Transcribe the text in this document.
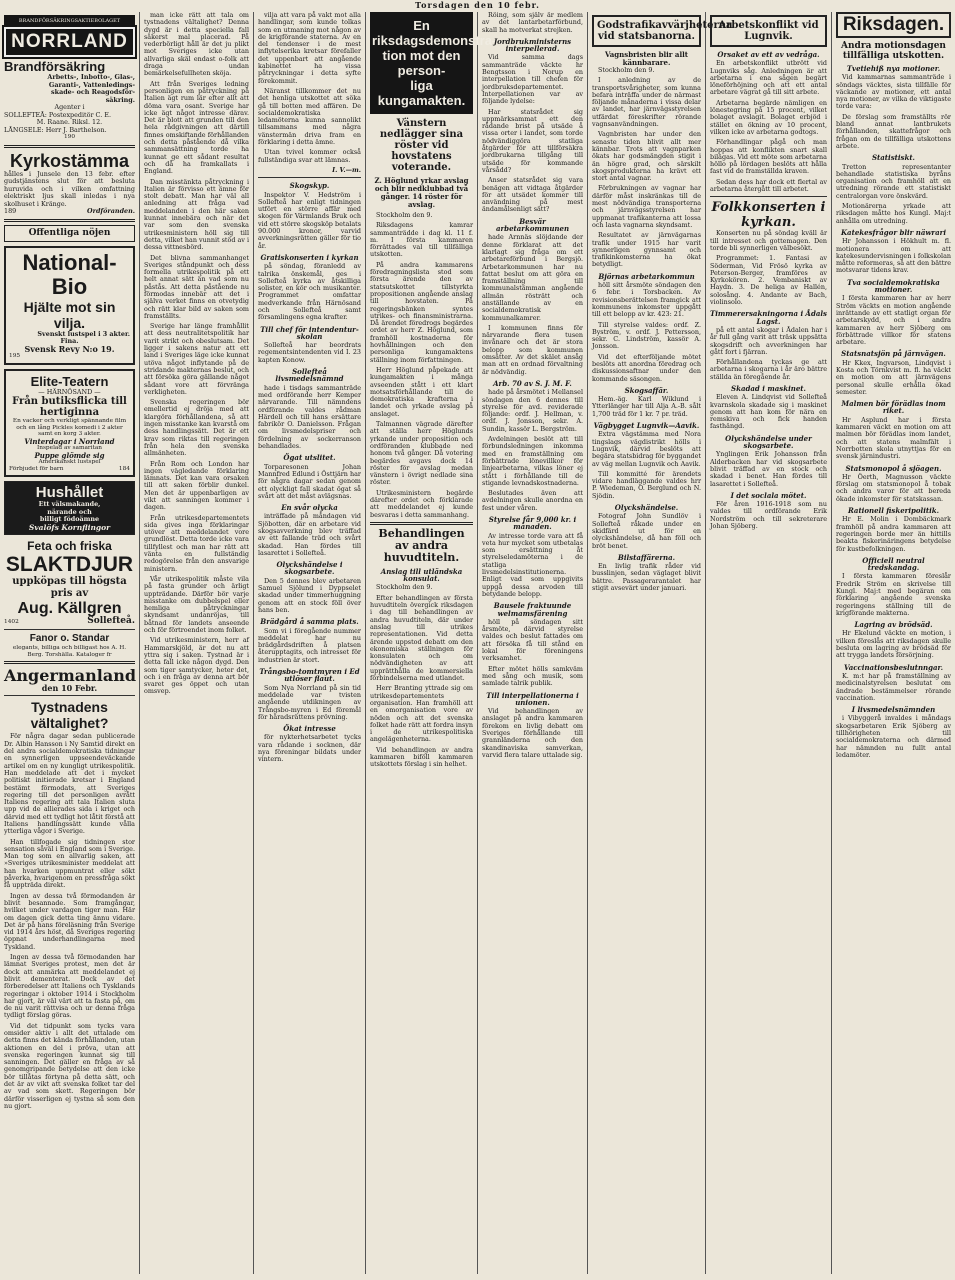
Torsdagen den 10 febr.
BRANDFÖRSÄKRINGSAKTIEBOLAGET
NORRLAND
Brandförsäkring
Arbetts-, Inbotto-, Glas-,
Garanti-, Vattenledings-
skade- och Reagodsför-
säkring.
Agenter i
SOLLEFTEÅ: Postexpeditör C. E.
M. Raane. Riksl. 12.
LÅNGSELE: Herr J. Barthelson.
190
Kyrkostämma
hålles i Junsele den 13 febr. efter gudstjänstens slut för att besluta huruvida och i vilken omfattning elektriskt ljus skall inledas i nya skolhuset i Kränge.
189	Ordföranden.
Offentliga nöjen
National-Bio
Hjälte mot sin vilja.
Svenskt lustspel i 3 akter.
Fina.
Svensk Revy N:o 19.
195
Elite-Teatern
— HÄRNÖSAND —
Från butiksflicka till hertiginna
En vacker och verkligt spännande film och en lång Pickles komedi i 2 akter samt en korg 3 akter.
Vinterdagar i Norrland
Inspelad av samaritan
Puppe glömde sig
Amerikanskt lustspel
Förbjudet för barn	184
Hushållet
Ett välsmakande,
närande och
billigt födoämne
Svalöfs Kornflingor
Feta och friska
SLAKTDJUR
uppköpas till högsta
pris av
Aug. Källgren
1402	Sollefteå.
Fanor o. Standar
elegants, billiga och billigast hos A. H. Berg. Torshälla. Kataloger fr
Angermanland
den 10 Febr.
Tystnadens vältalighet?

För några dagar sedan publicerade Dr. Albin Hansson i Ny Samtid direkt en del andra socialdemokratiska tidningar en synnerligen uppseendeväckande artikel om en ny kungligt utrikespolitik. Han meddelade att det i mycket politiskt initierade kretsar i England bestämt förmodats, att Sveriges regering till det personligen avrått Italiens regering att tala Italien sluta upp vid de allierades sida i kriget och därvid med ett tydligt hot låtit förstå att Italiens handlingssätt kunde vålla ytterliga vågor i Sverige.

Han tillfogade sig tidningen stor sensation såväl i England som i Sverige. Man tog som en allvarlig saken, att »Sveriges utrikesminister meddelat att han hvarken uppmuntrat eller sökt påverka, hvarigenom en pressfråga sökt få uppträda direkt.

Ingen av dessa två förmodanden är blivit besannade. Som framgångar, hvilket under vardagen tiger man. Här om dagen gick detta ting ännu vidare. Det är på hans föreläsning från Sverige vid 1914 års höst, då Sveriges regering öppnat underhandlingarna med Tyskland.

Ingen av dessa två förmodanden har lämnat Sveriges protest, men det är dock att anmärka att meddelandet ej blivit dementerat. Dock av det förberedelser att Italiens och Tysklands regeringar i oktober 1914 i Stockholm har gjort, är väl värt att ta fasta på, om de nu varit rättvisa och ur denna fråga tydligt förslag göras.

Vid det tidpunkt som tycks vara omsider aktiv i allt det uttalade om detta finns det kända förhållanden, utan aktionen en del i pröva, utan att svenska regeringen kunnat sig till sanningen. Det gäller en fråga av så genomgripande betydelse att den icke bör tillåtas förtyna på detta sätt, och det är av vikt att svenska folket tar del av vad som skett. Regeringen bör därför visserligen ej tystna så som den nu gjort.

man icke rätt att tala om tystnadens vältalighet? Denna dygd är i detta speciella fall säkerst mal placerad. På vederbörligt håll är det ju plikt mot Sveriges icke utan allvarliga skäl endast o-folk att draga undan bemärkelsefullheten sköja.

Att från Sveriges ledning personligen en påtryckning på Italien ägt rum lär efter allt att döma vara osant. Sverige har icke ägt något intresse därav. Det är blott att grunden till den hela rådgivningen att därtill finnes omskiftande förhållanden och detta påstående då vilka sammansättning torde ha kunnat ge ett sådant resultat och då ha framkallats i England.

Dan misstänkta påtryckning i Italien är förvisso ett ämne för stolt debatt. Man har väl all anledning att fråga vad meddelanden i den här saken kunnat innebära och när det var som den svenska utrikesministern höll sig till detta, vilket han vunnit stöd av i dessa vittnesbörd.

Det blivna sammanhanget Sveriges ståndpunkt och dess formella utrikespolitik på ett helt annat sätt än vad som nu påstås. Att detta påstående nu förmodas innebär att det i själva verket finns en otvetydig och rätt klar bild av saken som framställts.

Sverige har länge framhållit att dess neutralitetspolitik har varit strikt och obeslutsam. Det ligger i sakens natur att ett land i Sveriges läge icke kunnat utöva något inflytande på de stridande makternas beslut, och att försöka göra gällande något sådant vore att förvränga verkligheten.

Svenska regeringen bör emellertid ej dröja med att klargöra förhållandena, så att ingen misstanke kan kvarstå om dess handlingssätt. Det är ett krav som riktas till regeringen från hela den svenska allmänheten.

Från Rom och London har ingen vägledande förklaring lämnats. Det kan vara orsaken till att saken förblir dunkel. Men det är uppenbarligen av vikt att sanningen kommer i dagen.

Från utrikesdepartementets sida gives inga förklaringar utöver att meddelandet vore grundlöst. Detta torde icke vara tillfyllest och man har rätt att vänta en fullständig redogörelse från den ansvarige ministern.

Vår utrikespolitik måste vila på fasta grunder och ärligt uppträdande. Därför bör varje misstanke om dubbelspel eller hemliga påtryckningar skyndsamt undanröjas, till båtnad för landets anseende och för förtroendet inom folket.

Vid utrikesministern, herr af Hammarskjöld, är det nu att yttra sig i saken. Tystnad är i detta fall icke någon dygd. Den som tiger samtycker, heter det, och i en fråga av denna art bör svaret ges öppet och utan omsvep.

vilja att vara på vakt mot alla handlingar, som kunde tolkas som en utmaning mot någon av de krigförande staterna. Av en del tendenser i de mest inflytelserika kretsar förefaller det uppenbart att angående kabinettet ha vissa påtryckningar i detta syfte förekommit.

Näranst tillkommer det nu det henliga utskottet att söka gå till botten med affären. De socialdemokratiska ledamöterna kunna sannolikt tillsammans med några vänstermän driva fram en förklaring i detta ämne.

Utan tvivel kommer också fullständiga svar att lämnas.

I. V.—m.
Skogskyp.

Inspektor V. Hedström i Sollefteå har enligt tidningen utfört en större affär med skogen för Värmlands Bruk och vid ett större skogsköp betalats 90.000 kronor, varvid avverkningsrätten gäller för tio år.

Gratiskonserten i kyrkan

på söndag, föranledd av talrika önskemål, ges i Sollefteå kyrka av åtskilliga solister, en kör och musikanter. Programmet omfattar medverkande från Härnösand och Sollefteå samt församlingens egna krafter.

Till chef för intendentur-skolan

Sollefteå har beordrats regementsintendenten vid I. 23 kapten Konow.

Sollefteå livsmedelsnämnd

hade i tisdags sammanträde med ordförande herr Kemper närvarande. Till nämndens ordförande valdes rådman Härdell och till hans ersättare fabrikör O. Danielsson. Frågan om livsmedelspriser och fördelning av sockerranson behandlades.

Ögat utslitet.

Torparesonen Johan Mannfred Edlund i Östtjärn har för några dagar sedan genom ett olyckligt fall skadat ögat så svårt att det måst avlägsnas.

En svår olycka

inträffade på måndagen vid Sjöbotten, där en arbetare vid skogsavverkning blev träffad av ett fallande träd och svårt skadad. Han fördes till lasarettet i Sollefteå.

Olyckshändelse i skogsarbete.

Den 5 dennes blev arbetaren Samuel Sjölund i Dyppselet skadad under timmerhuggning genom att en stock föll över hans ben.

Brädgård å samma plats.

Som vi i föregående nummer meddelat har nu brädgårdsdriften å platsen återupptagits, och intresset för industrien är stort.

Trångsbo-tomtmyren i Ed utlöser flaut.

Som Nya Norrland på sin tid meddelade var tvisten angående utdikningen av Trångsbo-myren i Ed föremål för häradsrättens prövning.

Ökat intresse

för nykterhetsarbetet tycks vara rådande i socknen, där nya föreningar bildats under vintern.

En riksdagsdemonstra-
tion mot den person-
liga kungamakten.
Vänstern nedlägger sina röster vid hovstatens voterande.
Z. Höglund yrkar avslag och blir nedklubbad två gånger. 14 röster för avslag.

Stockholm den 9.

Riksdagens kamrar sammanträdde i dag kl. 11 f. m. I första kammaren förrättades val till tillfälliga utskotten.

På andra kammarens föredragningslista stod som första ärende den av statsutskottet tillstyrkta propositionen angående anslag till hovstaten. På regeringsbänken syntes utrikes- och finansministrarna. Då ärendet föredrogs begärdes ordet av herr Z. Höglund, som framhöll kostnaderna för hovhållningen och den personliga kungamaktens ställning inom författningen.

Herr Höglund påpekade att kungamakten i många avseenden stått i ett klart motsatsförhållande till de demokratiska krafterna i landet och yrkade avslag på anslaget.

Talmannen vägrade därefter att ställa herr Höglunds yrkande under proposition och ordföranden klubbade ned honom två gånger. Då votering begärdes avgavs dock 14 röster för avslag medan vänstern i övrigt nedlade sina röster.

Utrikesministern begärde därefter ordet och förklarade att meddelandet ej kunde besvaras i detta sammanhang.

Behandlingen av andra huvudtiteln.
Anslag till utländska konsulat.

Stockholm den 9.

Efter behandlingen av första huvudtiteln övergick riksdagen i dag till behandlingen av andra huvudtiteln, där under anslag till utrikes representationen. Vid detta ärende uppstod debatt om den ekonomiska ställningen för konsulaten och om nödvändigheten av att upprätthålla de kommersiella förbindelserna med utlandet.

Herr Branting yttrade sig om utrikesdepartementets organisation. Han framhöll att en omorganisation vore av nöden och att det svenska folket hade rätt att fordra insyn i de utrikespolitiska angelägenheterna.

Vid behandlingen av andra kammaren biföll kammaren utskottets förslag i sin helhet.

Röing, som själv är medlem av det lantarbetarförbund, skall ha motverkat strejken.

Jordbrukministerns interpellerad.

Vid samma dags sammanträde väckte hr Bengtsson i Norup en interpellation till chefen för jordbruksdepartementet. Interpellationen var av följande lydelse:

Har statsrådet sig uppmärksammat ett den rådande brist på utsäde å vissa orter i landet, som torde nödvändiggöra statliga åtgärder för att tillförsäkra jordbrukarna tillgång till utsäde för kommande vårsådd?

Anser statsrådet sig vara benägen att vidtaga åtgärder för att utsädet kommer till användning på mest ändamålsenligt sätt?

Besvär arbetarkommunen

hade Arnnäs slöjdande der denne förklarat att det klarlagt sig fråga om ett arbetareförbund i Bergsjö. Arbetarkommunen har nu fattat beslut om att göra en framställning till kommunalstämman angående allmän rösträtt och anställande av en socialdemokratisk kommunalkamrer.

I kommunen finns för närvarande flera tusen invånare och det är stora belopp som kommunen omsätter. Av det skälet ansåg man att en ordnad förvaltning är nödvändig.

Arb. 70 av S. J. M. F.

hade på årsmötet i Mellansel söndagen den 6 dennes till styrelse för avd. reviderade följande: ordf. J. Hellman, v. ordf. J. Jonsson, sekr. A. Sundin, kassör L. Bergström.

Avdelningen beslöt att till förbundsledningen inkomma med en framställning om förbättrade lönevillkor för linjearbetarna, vilkas löner ej stått i förhållande till de stigande levnadskostnaderna.

Beslutades även att avdelningen skulle anordna en fest under våren.

Styrelse får 9,000 kr. i månaden.

Av intresse torde vara att få veta hur mycket som utbetalas som ersättning åt styrelseledamöterna i de statliga livsmedelsinstitutionerna. Enligt vad som uppgivits uppgå dessa arvoden till betydande belopp.

Bausele fraktuunde welmamsfärening

höll på söndagen sitt årsmöte, därvid styrelse valdes och beslut fattades om att försöka få till stånd en lokal för föreningens verksamhet.

Efter mötet hölls samkväm med sång och musik, som samlade talrik publik.

Till interpellationerna i unionen.

Vid behandlingen av anslaget på andra kammaren förekom en livlig debatt om Sveriges förhållande till grannländerna och den skandinaviska samverkan, varvid flera talare uttalade sig.

Godstrafikavvärjheterna vid statsbanorna.
Vagnsbristen blir allt kännbarare.

Stockholm den 9.

I anledning av de transportsvårigheter, som kunna befara inträffa under de närmast följande månaderna i vissa delar av landet, har järnvägsstyrelsen utfärdat föreskrifter rörande vagnsanvändningen.

Vagnbristen har under den senaste tiden blivit allt mer kännbar. Trots att vagnparken ökats har godsmängden stigit i än högre grad, och särskilt skogsprodukterna ha krävt ett stort antal vagnar.

Förbrukningen av vagnar har därför måst inskränkas till de mest nödvändiga transporterna och järnvägsstyrelsen har uppmanat trafikanterna att lossa och lasta vagnarna skyndsamt.

Resultatet av järnvägarnas trafik under 1915 har varit synnerligen gynnsamt och trafikinkomsterna ha ökat betydligt.

Björnas arbetarkommun

höll sitt årsmöte söndagen den 6 febr. i Torsbacken. Av revisionsberättelsen framgick att kommunens inkomster uppgått till ett belopp av kr. 423: 21.

Till styrelse valdes: ordf. Z. Byström, v. ordf. J. Pettersson, sekr. C. Lindström, kassör A. Jonsson.

Vid det efterföljande mötet beslöts att anordna föredrag och diskussionsaftnar under den kommande säsongen.

Skogsaffär.

Hem.-äg. Karl Wiklund i Ytterlänger har till Alja A.-B. sålt 1,700 träd för 1 kr. 7 pr. träd.

Vägbygget Lugnvik—Aavik.

Extra vägstämma med Nora tingslags vägdistrikt hölls i Lugnvik, därvid beslöts att begära statsbidrag för byggandet av väg mellan Lugnvik och Aavik.

Till kommitté för ärendets vidare handläggande valdes hrr P. Wiedeman, O. Berglund och N. Sjödin.

Olyckshändelse.

Fotograf John Sundlöv i Sollefteå råkade under en skidfärd ut för en olyckshändelse, då han föll och bröt benet.

Bilstaffärerna.

En livlig trafik råder vid busslinjen, sedan väglaget blivit bättre. Passagerarantalet har stigit avsevärt under januari.

Arbetskonflikt vid Lugnvik.
Orsaket av ett av vedråga.

En arbetskonflikt utbrött vid Lugnviks såg. Anledningen är att arbetarna i ena sågen begärt löneförhöjning och att ett antal arbetare vägrat gå till sitt arbete.

Arbetarna begärde nämligen en lönestegring på 15 procent, vilket bolaget avslagit. Bolaget erbjöd i stället en ökning av 10 procent, vilken icke av arbetarna godtogs.

Förhandlingar pågå och man hoppas att konflikten snart skall bilägas. Vid ett möte som arbetarna höllo på lördagen beslöts att hålla fast vid de framställda kraven.

Sedan dess har dock ett flertal av arbetarna återgått till arbetet.

Folkkonserten i kyrkan.

Konserten nu på söndag kväll är till intresset och gottemagen. Den torde bli synnerligen välbesökt.

Programmet: 1. Fantasi av Söderman, Vid Frösö kyrka av Peterson-Berger, framföres av Kyrkokören. 2. Vembaniskt av Haydn. 3. De heliga av Hallén, solosång. 4. Andante av Bach, violinsolo.

Timmerersakningorna i Ådals Lagst.

på ett antal skogar i Ådalen har i år full gång varit att träsk uppsätta skogsdrift och avverkningen har gått fort i fjärran.

Förhållandena tyckas ge att arbetarna i skogarna i år äro bättre ställda än föregående år.

Skadad i maskinet.

Eleven A. Lindqvist vid Sollefteå kvarnskola skadade sig i maskinet genom att han kom för nära en remskiva och fick handen fasthängd.

Olyckshändelse under skogsarbete.

Ynglingen Erik Johansson från Alderbacken har vid skogsarbete blivit träffad av en stock och skadad i benet. Han fördes till lasarettet i Sollefteå.

I det soclala mötet.

För åren 1916-1918 som nu valdes till ordförande Erik Nordström och till sekreterare Johan Sjöberg.

Riksdagen.
Andra motionsdagen tillfälliga utskotten.
Tvetiehiß nya motioner.

Vid kammarnas sammanträde i söndags väcktes, sista tillfälle för väckande av motioner, ett antal nya motioner, av vilka de viktigaste torde vara:

De förslag som framställts rör bland annat lantbrukets förhållanden, skattefrågor och frågan om de tillfälliga utskottens arbete.

Statistiskt.

Tretton representanter behandlade statistiska byråns organisation och framhöll att en utredning rörande ett statistiskt centralorgan vore önskvärd.

Motionärerna yrkade att riksdagen måtte hos Kungl. Maj:t anhålla om utredning.

Katekesfrågor blir näwrari

Hr Johansson i Hökhult m. fl. motionera om att katekesundervisningen i folkskolan måtte reformeras, så att den bättre motsvarar tidens krav.

Tva socialdemokratiska motioner.

I första kammaren har av herr Ström väckts en motion angående inrättande av ett statligt organ för arbetarskydd, och i andra kammaren av herr Sjöberg om förbättrade villkor för statens arbetare.

Statsnatsjön på järnvägen.

Hr Kkex, Ingvarson, Lindqvist i Kosta och Törnkvist m. fl. ha väckt en motion om att järnvägens personal skulle erhålla ökad semester.

Malmen bör förädlas inom riket.

Hr Asplund har i första kammaren väckt en motion om att malmen bör förädlas inom landet, och att statens malmfält i Norrbotten skola utnyttjas för en svensk järnindustri.

Statsmonopol å sjöagen.

Hr Öerth, Magnusson väckte förslag om statsmonopol å tobak och andra varor för att bereda ökade inkomster för statskassan.

Rationell fiskeripolitik.

Hr E. Molin i Dombäckmark framhöll på andra kammaren att regeringen borde mer än hittills beakta fiskerinäringens betydelse för kustbefolkningen.

Officiell neutral tredskandag.

I första kammaren föreslår Fredrik Ström en skrivelse till Kungl. Maj:t med begäran om förklaring angående svenska regeringens ställning till de krigförande makterna.

Lagring av brödsäd.

Hr Ekelund väckte en motion, i vilken föreslås att riksdagen skulle besluta om lagring av brödsäd för att trygga landets försörjning.

Vaccinationsbeslutnngar.

K. m:t har på framställning av medicinalstyrelsen beslutat om ändrade bestämmelser rörande vaccination.

I livsmedelsnämnden

i Vibyggerå invaldes i måndags skogsarbetaren Erik Sjöberg av tillhörigheten till socialdemokraterna och därmed har nämnden nu fullt antal ledamöter.
